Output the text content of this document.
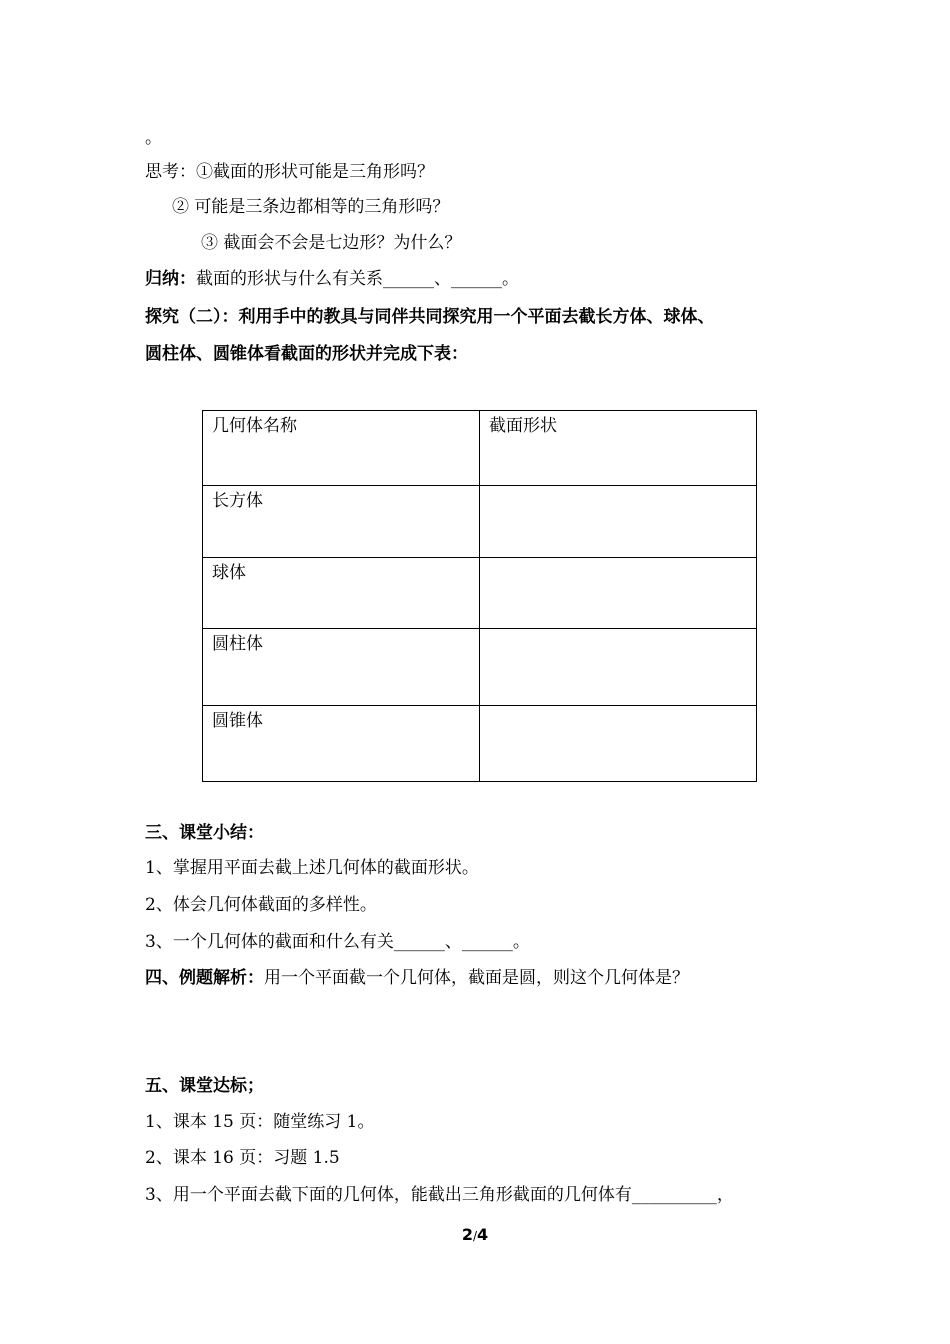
。
思考：①截面的形状可能是三角形吗？
② 可能是三条边都相等的三角形吗？
③ 截面会不会是七边形？为什么？
归纳：截面的形状与什么有关系______、______。
探究（二）：利用手中的教具与同伴共同探究用一个平面去截长方体、球体、
圆柱体、圆锥体看截面的形状并完成下表：
几何体名称	截面形状
长方体	
球体	
圆柱体	
圆锥体	
三、课堂小结：
1、掌握用平面去截上述几何体的截面形状。
2、体会几何体截面的多样性。
3、一个几何体的截面和什么有关______、______。
四、例题解析：用一个平面截一个几何体，截面是圆，则这个几何体是？
五、课堂达标；
1、课本 15 页：随堂练习 1。
2、课本 16 页：习题 1.5
3、用一个平面去截下面的几何体，能截出三角形截面的几何体有__________，
2/4
